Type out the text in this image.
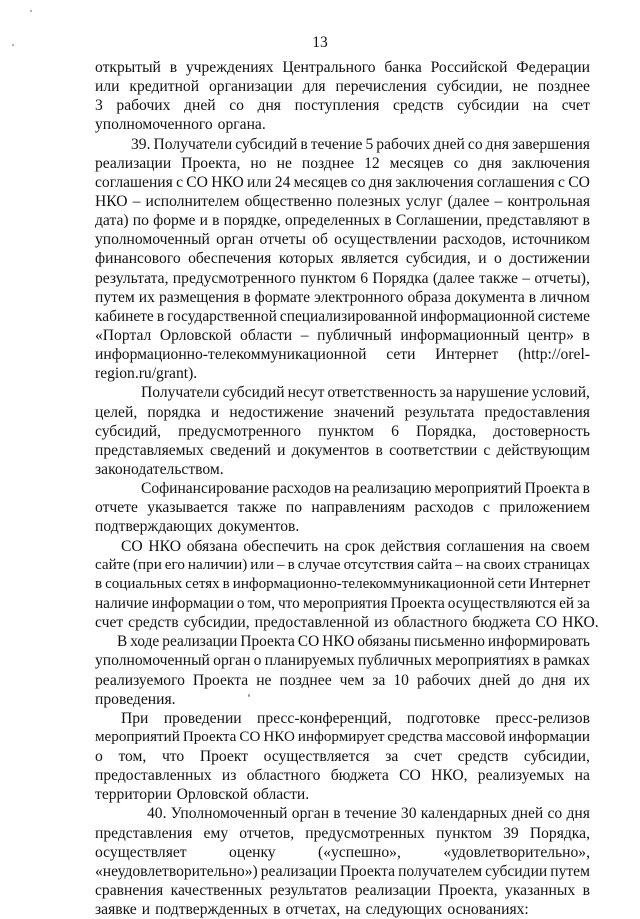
13
открытый в учреждениях Центрального банка Российской Федерации
или кредитной организации для перечисления субсидии, не позднее
3 рабочих дней со дня поступления средств субсидии на счет
уполномоченного органа.
39. Получатели субсидий в течение 5 рабочих дней со дня завершения
реализации Проекта, но не позднее 12 месяцев со дня заключения
соглашения с СО НКО или 24 месяцев со дня заключения соглашения с СО
НКО – исполнителем общественно полезных услуг (далее – контрольная
дата) по форме и в порядке, определенных в Соглашении, представляют в
уполномоченный орган отчеты об осуществлении расходов, источником
финансового обеспечения которых является субсидия, и о достижении
результата, предусмотренного пунктом 6 Порядка (далее также – отчеты),
путем их размещения в формате электронного образа документа в личном
кабинете в государственной специализированной информационной системе
«Портал Орловской области – публичный информационный центр» в
информационно-телекоммуникационной сети Интернет (http://orel-
region.ru/grant).
Получатели субсидий несут ответственность за нарушение условий,
целей, порядка и недостижение значений результата предоставления
субсидий, предусмотренного пунктом 6 Порядка, достоверность
представляемых сведений и документов в соответствии с действующим
законодательством.
Софинансирование расходов на реализацию мероприятий Проекта в
отчете указывается также по направлениям расходов с приложением
подтверждающих документов.
СО НКО обязана обеспечить на срок действия соглашения на своем
сайте (при его наличии) или – в случае отсутствия сайта – на своих страницах
в социальных сетях в информационно-телекоммуникационной сети Интернет
наличие информации о том, что мероприятия Проекта осуществляются ей за
счет средств субсидии, предоставленной из областного бюджета СО НКО.
В ходе реализации Проекта СО НКО обязаны письменно информировать
уполномоченный орган о планируемых публичных мероприятиях в рамках
реализуемого Проекта не позднее чем за 10 рабочих дней до дня их
проведения.
При проведении пресс-конференций, подготовке пресс-релизов
мероприятий Проекта СО НКО информирует средства массовой информации
о том, что Проект осуществляется за счет средств субсидии,
предоставленных из областного бюджета СО НКО, реализуемых на
территории Орловской области.
40. Уполномоченный орган в течение 30 календарных дней со дня
представления ему отчетов, предусмотренных пунктом 39 Порядка,
осуществляет	оценку	(«успешно»,	«удовлетворительно»,
«неудовлетворительно») реализации Проекта получателем субсидии путем
сравнения качественных результатов реализации Проекта, указанных в
заявке и подтвержденных в отчетах, на следующих основаниях:
